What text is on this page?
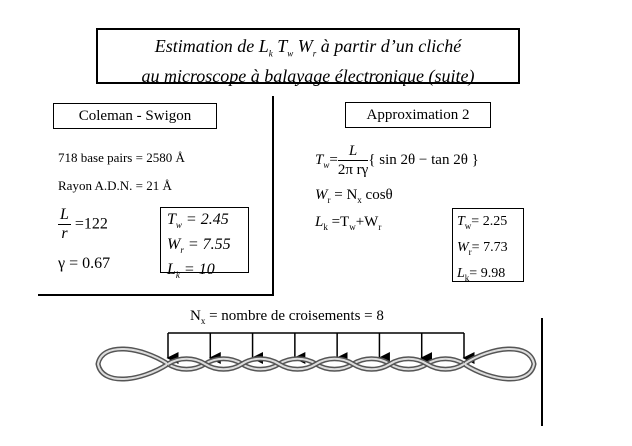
Estimation de $L_k$ $T_w$ $W_r$ à partir d’un cliché
au microscope à balayage électronique (suite)
Coleman - Swigon
718 base pairs = 2580 Å
Rayon A.D.N. = 21 Å
$\frac{L}{r} =122$
γ = 0.67
$T_w = 2.45$
$W_r = 7.55$
$L_k = 10$
Approximation 2
$T_w= \frac{L}{\text{2π rγ}}$ { sin 2θ − tan 2θ }
$W_r = N_x$ cosθ
$L_k =T_w+W_r$	$T_w= 2.25$
$W_r= 7.73$
$L_k= 9.98$
$N_x$ = nombre de croisements = 8
